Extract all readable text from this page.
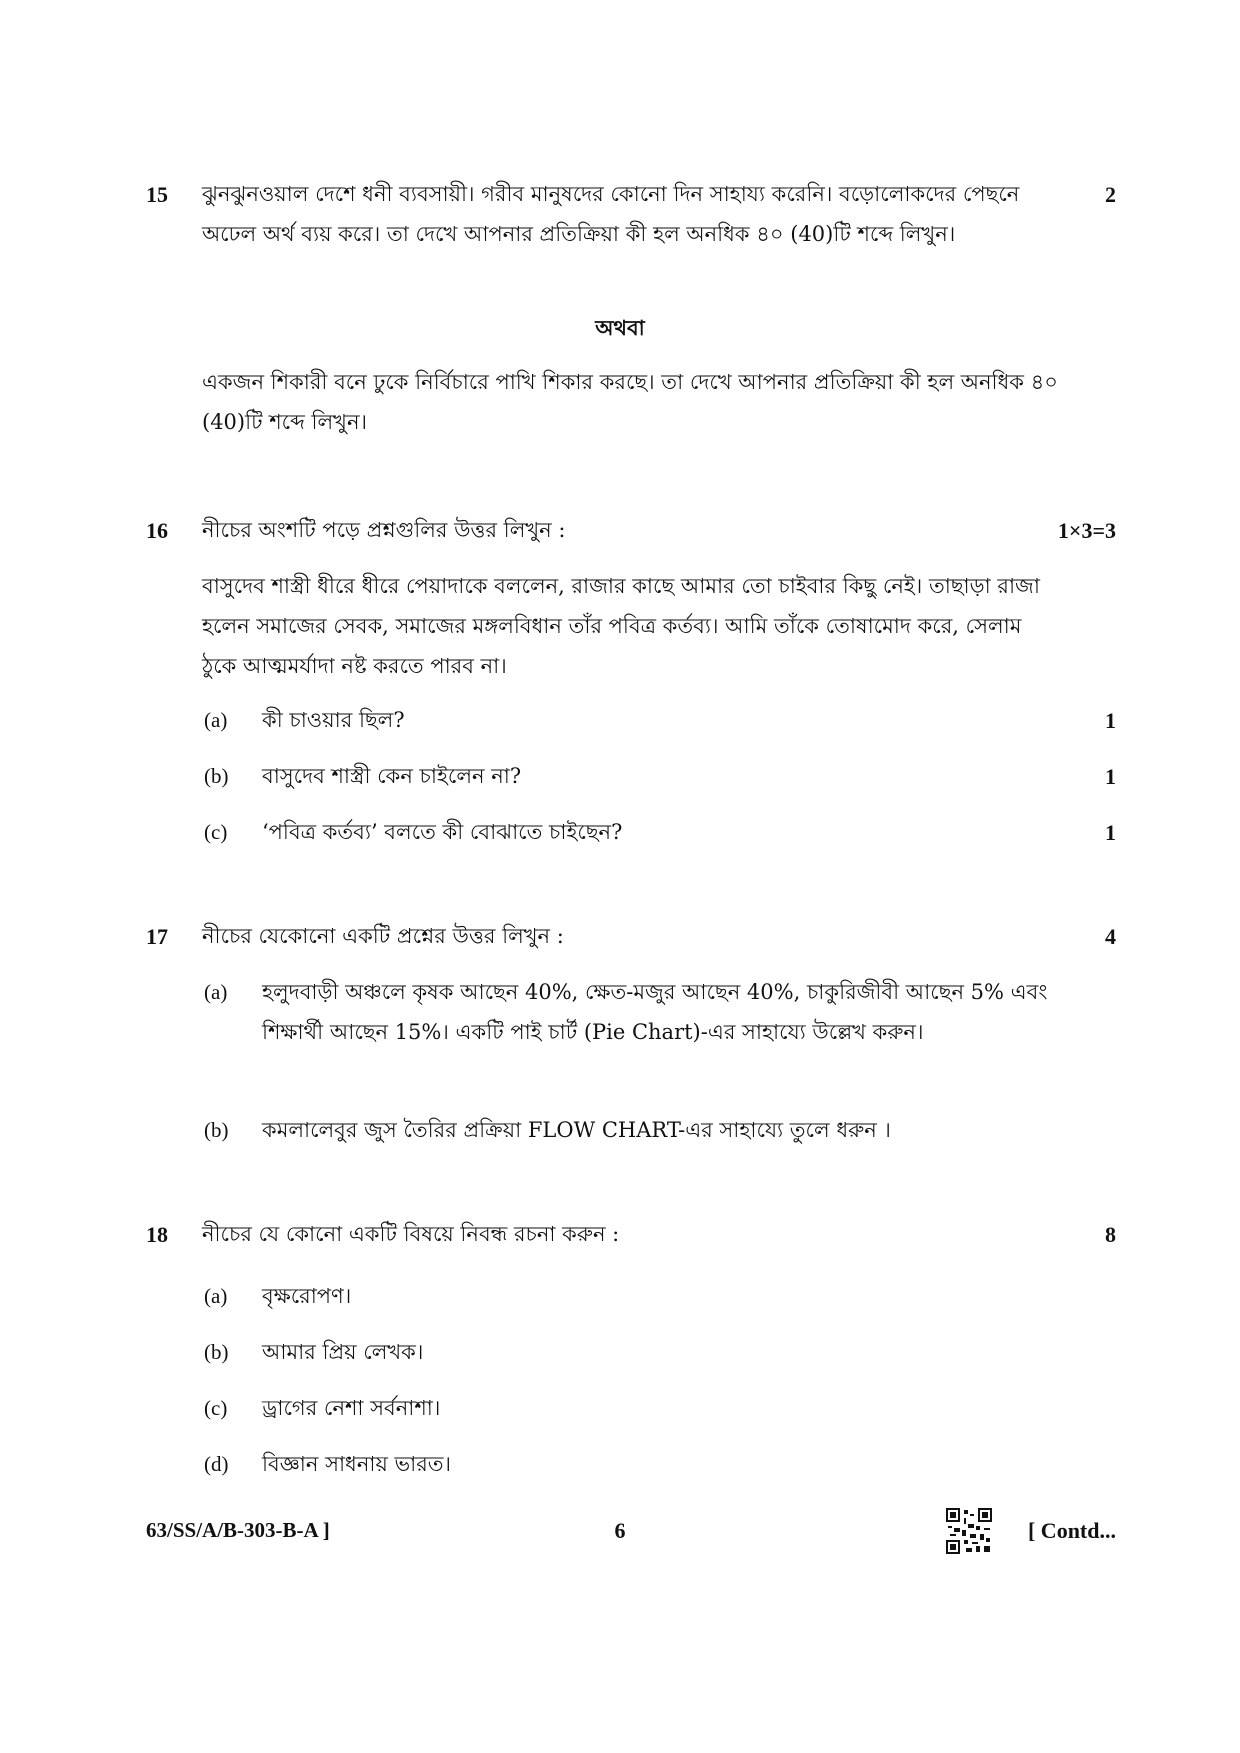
15	2

ঝুনঝুনওয়াল দেশে ধনী ব্যবসায়ী। গরীব মানুষদের কোনো দিন সাহায্য করেনি। বড়োলোকদের পেছনে অঢেল অর্থ ব্যয় করে। তা দেখে আপনার প্রতিক্রিয়া কী হল অনধিক ৪০ (40)টি শব্দে লিখুন।

অথবা

একজন শিকারী বনে ঢুকে নির্বিচারে পাখি শিকার করছে। তা দেখে আপনার প্রতিক্রিয়া কী হল অনধিক ৪০ (40)টি শব্দে লিখুন।

16	1×3=3

নীচের অংশটি পড়ে প্রশ্নগুলির উত্তর লিখুন :

বাসুদেব শাস্ত্রী ধীরে ধীরে পেয়াদাকে বললেন, রাজার কাছে আমার তো চাইবার কিছু নেই। তাছাড়া রাজা হলেন সমাজের সেবক, সমাজের মঙ্গলবিধান তাঁর পবিত্র কর্তব্য। আমি তাঁকে তোষামোদ করে, সেলাম ঠুকে আত্মমর্যাদা নষ্ট করতে পারব না।

(a) কী চাওয়ার ছিল?	1
(b) বাসুদেব শাস্ত্রী কেন চাইলেন না?	1
(c) ‘পবিত্র কর্তব্য’ বলতে কী বোঝাতে চাইছেন?	1
17	4

নীচের যেকোনো একটি প্রশ্নের উত্তর লিখুন :

(a) হলুদবাড়ী অঞ্চলে কৃষক আছেন 40%, ক্ষেত-মজুর আছেন 40%, চাকুরিজীবী আছেন 5% এবং শিক্ষার্থী আছেন 15%। একটি পাই চার্ট (Pie Chart)-এর সাহায্যে উল্লেখ করুন।

(b) কমলালেবুর জুস তৈরির প্রক্রিয়া FLOW CHART-এর সাহায্যে তুলে ধরুন ।

18	8

নীচের যে কোনো একটি বিষয়ে নিবন্ধ রচনা করুন :

(a) বৃক্ষরোপণ।

(b) আমার প্রিয় লেখক।

(c) ড্রাগের নেশা সর্বনাশা।

(d) বিজ্ঞান সাধনায় ভারত।

63/SS/A/B-303-B-A ]	6	[ Contd...
